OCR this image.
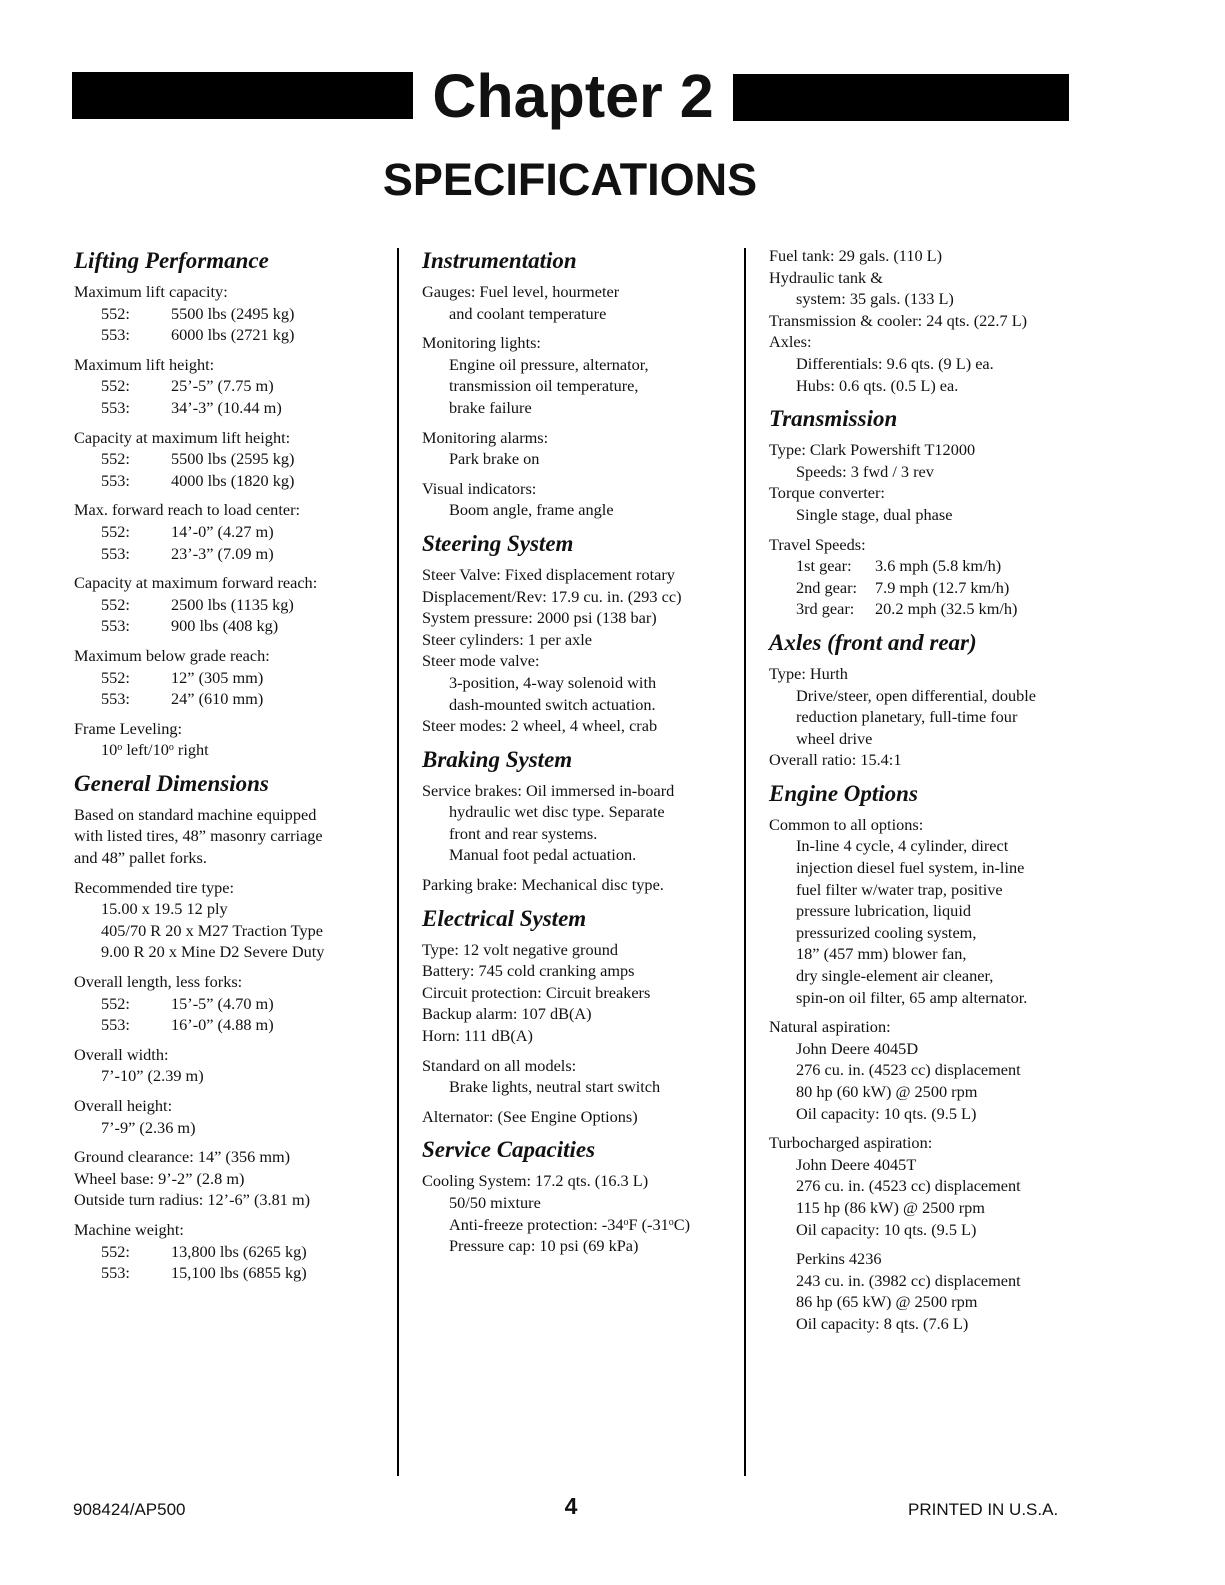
Chapter 2
SPECIFICATIONS
Lifting Performance
Maximum lift capacity:
552:	5500 lbs (2495 kg)
553:	6000 lbs (2721 kg)
Maximum lift height:
552:	25’-5” (7.75 m)
553:	34’-3” (10.44 m)
Capacity at maximum lift height:
552:	5500 lbs (2595 kg)
553:	4000 lbs (1820 kg)
Max. forward reach to load center:
552:	14’-0” (4.27 m)
553:	23’-3” (7.09 m)
Capacity at maximum forward reach:
552:	2500 lbs (1135 kg)
553:	900 lbs (408 kg)
Maximum below grade reach:
552:	12” (305 mm)
553:	24” (610 mm)
Frame Leveling:
10$^o$ left/10$^o$ right
General Dimensions
Based on standard machine equipped
with listed tires, 48” masonry carriage
and 48” pallet forks.
Recommended tire type:
15.00 x 19.5 12 ply
405/70 R 20 x M27 Traction Type
9.00 R 20 x Mine D2 Severe Duty
Overall length, less forks:
552:	15’-5” (4.70 m)
553:	16’-0” (4.88 m)
Overall width:
7’-10” (2.39 m)
Overall height:
7’-9” (2.36 m)
Ground clearance: 14” (356 mm)
Wheel base: 9’-2” (2.8 m)
Outside turn radius: 12’-6” (3.81 m)
Machine weight:
552:	13,800 lbs (6265 kg)
553:	15,100 lbs (6855 kg)
Instrumentation
Gauges: Fuel level, hourmeter
and coolant temperature
Monitoring lights:
Engine oil pressure, alternator,
transmission oil temperature,
brake failure
Monitoring alarms:
Park brake on
Visual indicators:
Boom angle, frame angle
Steering System
Steer Valve: Fixed displacement rotary
Displacement/Rev: 17.9 cu. in. (293 cc)
System pressure: 2000 psi (138 bar)
Steer cylinders: 1 per axle
Steer mode valve:
3-position, 4-way solenoid with
dash-mounted switch actuation.
Steer modes: 2 wheel, 4 wheel, crab
Braking System
Service brakes: Oil immersed in-board
hydraulic wet disc type. Separate
front and rear systems.
Manual foot pedal actuation.
Parking brake: Mechanical disc type.
Electrical System
Type: 12 volt negative ground
Battery: 745 cold cranking amps
Circuit protection: Circuit breakers
Backup alarm: 107 dB(A)
Horn: 111 dB(A)
Standard on all models:
Brake lights, neutral start switch
Alternator: (See Engine Options)
Service Capacities
Cooling System: 17.2 qts. (16.3 L)
50/50 mixture
Anti-freeze protection: -34$^o$F (-31$^o$C)
Pressure cap: 10 psi (69 kPa)
Fuel tank: 29 gals. (110 L)
Hydraulic tank &
system: 35 gals. (133 L)
Transmission & cooler: 24 qts. (22.7 L)
Axles:
Differentials: 9.6 qts. (9 L) ea.
Hubs: 0.6 qts. (0.5 L) ea.
Transmission
Type: Clark Powershift T12000
Speeds: 3 fwd / 3 rev
Torque converter:
Single stage, dual phase
Travel Speeds:
1st gear: 3.6 mph (5.8 km/h)
2nd gear: 7.9 mph (12.7 km/h)
3rd gear: 20.2 mph (32.5 km/h)
Axles (front and rear)
Type: Hurth
Drive/steer, open differential, double
reduction planetary, full-time four
wheel drive
Overall ratio: 15.4:1
Engine Options
Common to all options:
In-line 4 cycle, 4 cylinder, direct
injection diesel fuel system, in-line
fuel filter w/water trap, positive
pressure lubrication, liquid
pressurized cooling system,
18” (457 mm) blower fan,
dry single-element air cleaner,
spin-on oil filter, 65 amp alternator.
Natural aspiration:
John Deere 4045D
276 cu. in. (4523 cc) displacement
80 hp (60 kW) @ 2500 rpm
Oil capacity: 10 qts. (9.5 L)
Turbocharged aspiration:
John Deere 4045T
276 cu. in. (4523 cc) displacement
115 hp (86 kW) @ 2500 rpm
Oil capacity: 10 qts. (9.5 L)
Perkins 4236
243 cu. in. (3982 cc) displacement
86 hp (65 kW) @ 2500 rpm
Oil capacity: 8 qts. (7.6 L)
908424/AP500	4	PRINTED IN U.S.A.
